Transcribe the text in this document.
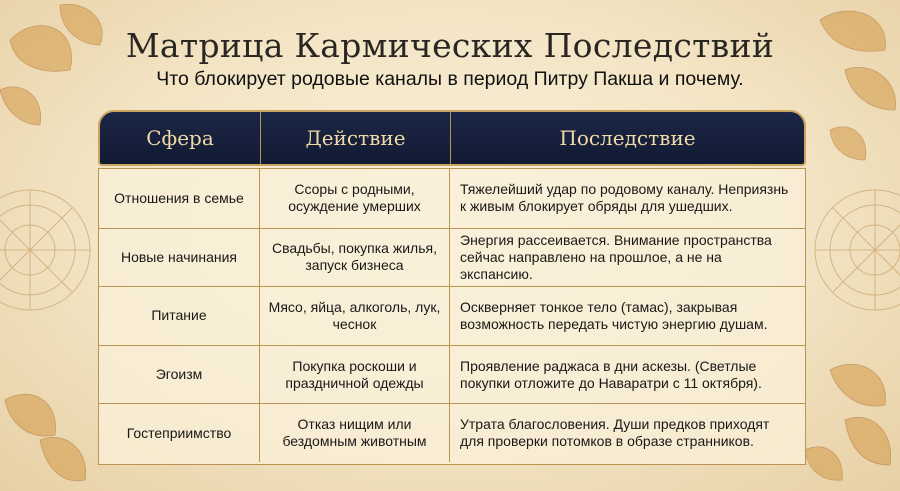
Матрица Кармических Последствий
Что блокирует родовые каналы в период Питру Пакша и почему.
Сфера	Действие	Последствие
Отношения в семье
Ссоры с родными, осуждение умерших
Тяжелейший удар по родовому каналу. Неприязнь к живым блокирует обряды для ушедших.
Новые начинания
Свадьбы, покупка жилья, запуск бизнеса
Энергия рассеивается. Внимание пространства сейчас направлено на прошлое, а не на экспансию.
Питание
Мясо, яйца, алкоголь, лук, чеснок
Оскверняет тонкое тело (тамас), закрывая возможность передать чистую энергию душам.
Эгоизм
Покупка роскоши и праздничной одежды
Проявление раджаса в дни аскезы. (Светлые покупки отложите до Наваратри с 11 октября).
Гостеприимство
Отказ нищим или бездомным животным
Утрата благословения. Души предков приходят для проверки потомков в образе странников.
